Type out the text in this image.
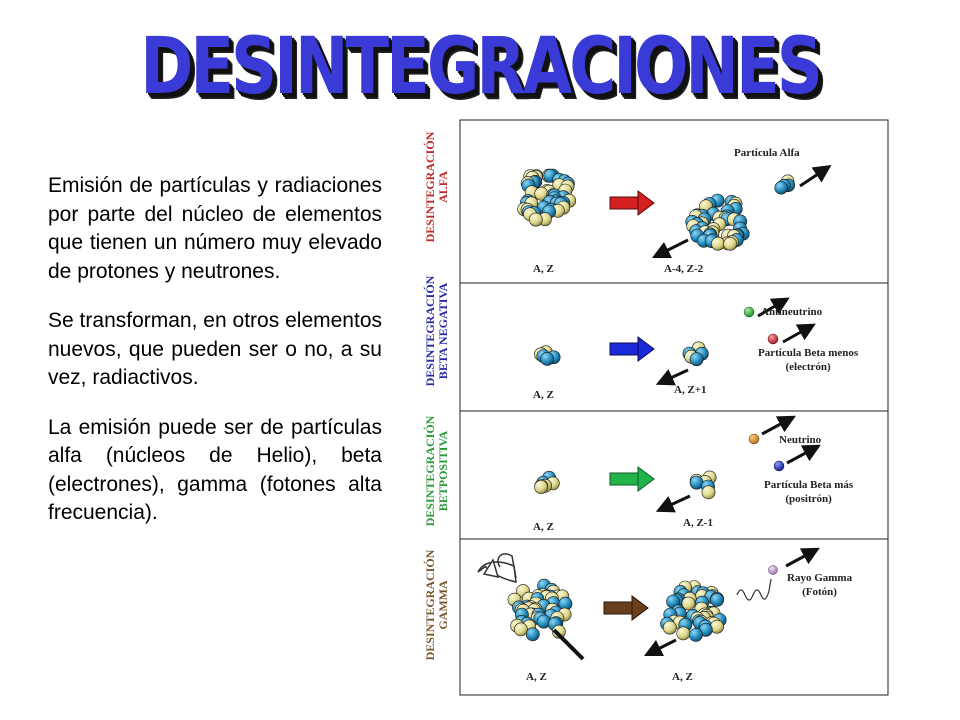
DESINTEGRACIONES

Emisión de partículas y radiaciones por parte del núcleo de elementos que tienen un número muy elevado de protones y neutrones.

Se transforman, en otros elementos nuevos, que pueden ser o no, a su vez, radiactivos.

La emisión puede ser de partículas alfa (núcleos de Helio), beta (electrones), gamma (fotones alta frecuencia).

DESINTEGRACIÓN
ALFA
DESINTEGRACIÓN
BETA NEGATIVA
DESINTEGRACIÓN
BETPOSITIVA
DESINTEGRACIÓN
GAMMA
Partícula Alfa
A, Z	A-4, Z-2
Antineutrino
Partícula Beta menos
(electrón)
A, Z	A, Z+1
Neutrino
Partícula Beta más
(positrón)
A, Z	A, Z-1
Rayo Gamma
(Fotón)
A, Z	A, Z
